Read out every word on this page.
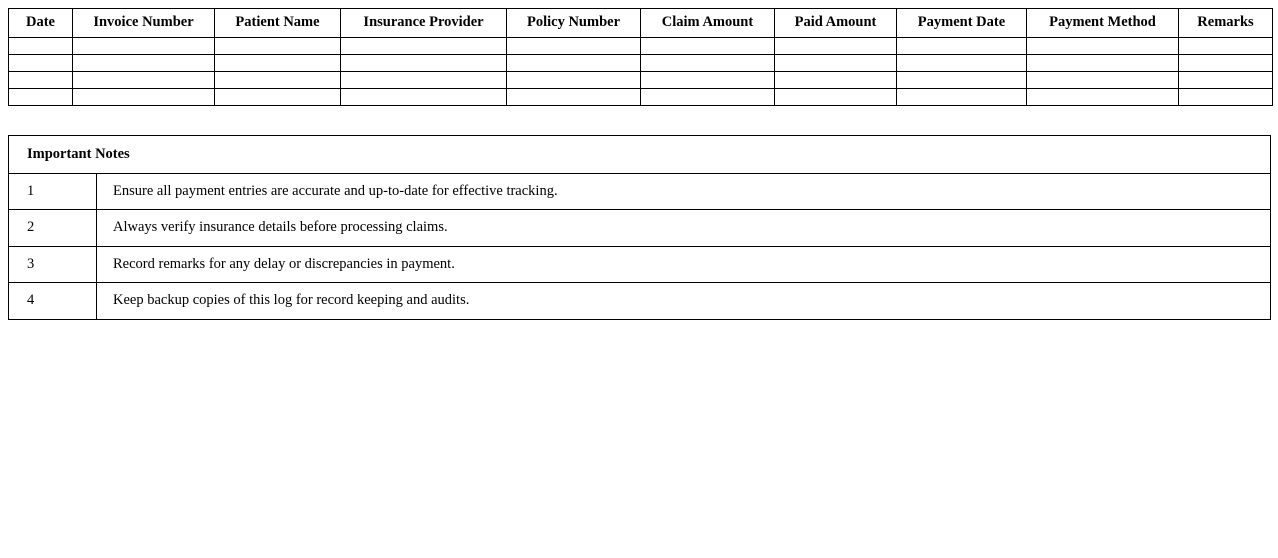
Date	Invoice Number	Patient Name	Insurance Provider	Policy Number	Claim Amount	Paid Amount	Payment Date	Payment Method	Remarks

Important Notes	
1	Ensure all payment entries are accurate and up-to-date for effective tracking.
2	Always verify insurance details before processing claims.
3	Record remarks for any delay or discrepancies in payment.
4	Keep backup copies of this log for record keeping and audits.
